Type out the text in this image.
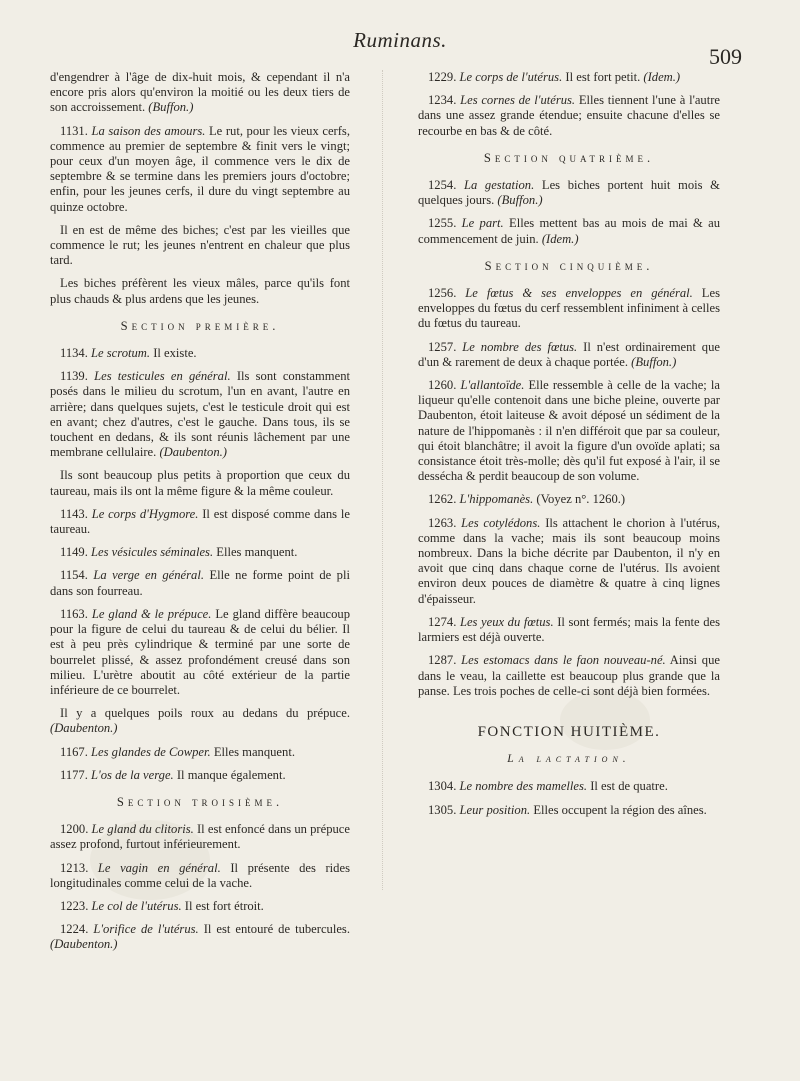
Ruminans.
509

d'engendrer à l'âge de dix-huit mois, & cependant il n'a encore pris alors qu'environ la moitié ou les deux tiers de son accroissement. (Buffon.)

1131. La saison des amours. Le rut, pour les vieux cerfs, commence au premier de septembre & finit vers le vingt; pour ceux d'un moyen âge, il commence vers le dix de septembre & se termine dans les premiers jours d'octobre; enfin, pour les jeunes cerfs, il dure du vingt septembre au quinze octobre.

Il en est de même des biches; c'est par les vieilles que commence le rut; les jeunes n'entrent en chaleur que plus tard.

Les biches préfèrent les vieux mâles, parce qu'ils font plus chauds & plus ardens que les jeunes.

Section première.

1134. Le scrotum. Il existe.

1139. Les testicules en général. Ils sont constamment posés dans le milieu du scrotum, l'un en avant, l'autre en arrière; dans quelques sujets, c'est le testicule droit qui est en avant; chez d'autres, c'est le gauche. Dans tous, ils se touchent en dedans, & ils sont réunis lâchement par une membrane cellulaire. (Daubenton.)

Ils sont beaucoup plus petits à proportion que ceux du taureau, mais ils ont la même figure & la même couleur.

1143. Le corps d'Hygmore. Il est disposé comme dans le taureau.

1149. Les vésicules séminales. Elles manquent.

1154. La verge en général. Elle ne forme point de pli dans son fourreau.

1163. Le gland & le prépuce. Le gland diffère beaucoup pour la figure de celui du taureau & de celui du bélier. Il est à peu près cylindrique & terminé par une sorte de bourrelet plissé, & assez profondément creusé dans son milieu. L'urètre aboutit au côté extérieur de la partie inférieure de ce bourrelet.

Il y a quelques poils roux au dedans du prépuce. (Daubenton.)

1167. Les glandes de Cowper. Elles manquent.

1177. L'os de la verge. Il manque également.

Section troisième.

1200. Le gland du clitoris. Il est enfoncé dans un prépuce assez profond, furtout inférieurement.

1213. Le vagin en général. Il présente des rides longitudinales comme celui de la vache.

1223. Le col de l'utérus. Il est fort étroit.

1224. L'orifice de l'utérus. Il est entouré de tubercules. (Daubenton.)

1229. Le corps de l'utérus. Il est fort petit. (Idem.)

1234. Les cornes de l'utérus. Elles tiennent l'une à l'autre dans une assez grande étendue; ensuite chacune d'elles se recourbe en bas & de côté.

Section quatrième.

1254. La gestation. Les biches portent huit mois & quelques jours. (Buffon.)

1255. Le part. Elles mettent bas au mois de mai & au commencement de juin. (Idem.)

Section cinquième.

1256. Le fœtus & ses enveloppes en général. Les enveloppes du fœtus du cerf ressemblent infiniment à celles du fœtus du taureau.

1257. Le nombre des fœtus. Il n'est ordinairement que d'un & rarement de deux à chaque portée. (Buffon.)

1260. L'allantoïde. Elle ressemble à celle de la vache; la liqueur qu'elle contenoit dans une biche pleine, ouverte par Daubenton, étoit laiteuse & avoit déposé un sédiment de la nature de l'hippomanès : il n'en différoit que par sa couleur, qui étoit blanchâtre; il avoit la figure d'un ovoïde aplati; sa consistance étoit très-molle; dès qu'il fut exposé à l'air, il se dessécha & perdit beaucoup de son volume.

1262. L'hippomanès. (Voyez n°. 1260.)

1263. Les cotylédons. Ils attachent le chorion à l'utérus, comme dans la vache; mais ils sont beaucoup moins nombreux. Dans la biche décrite par Daubenton, il n'y en avoit que cinq dans chaque corne de l'utérus. Ils avoient environ deux pouces de diamètre & quatre à cinq lignes d'épaisseur.

1274. Les yeux du fœtus. Il sont fermés; mais la fente des larmiers est déjà ouverte.

1287. Les estomacs dans le faon nouveau-né. Ainsi que dans le veau, la caillette est beaucoup plus grande que la panse. Les trois poches de celle-ci sont déjà bien formées.

FONCTION HUITIÈME.
La lactation.

1304. Le nombre des mamelles. Il est de quatre.

1305. Leur position. Elles occupent la région des aînes.
